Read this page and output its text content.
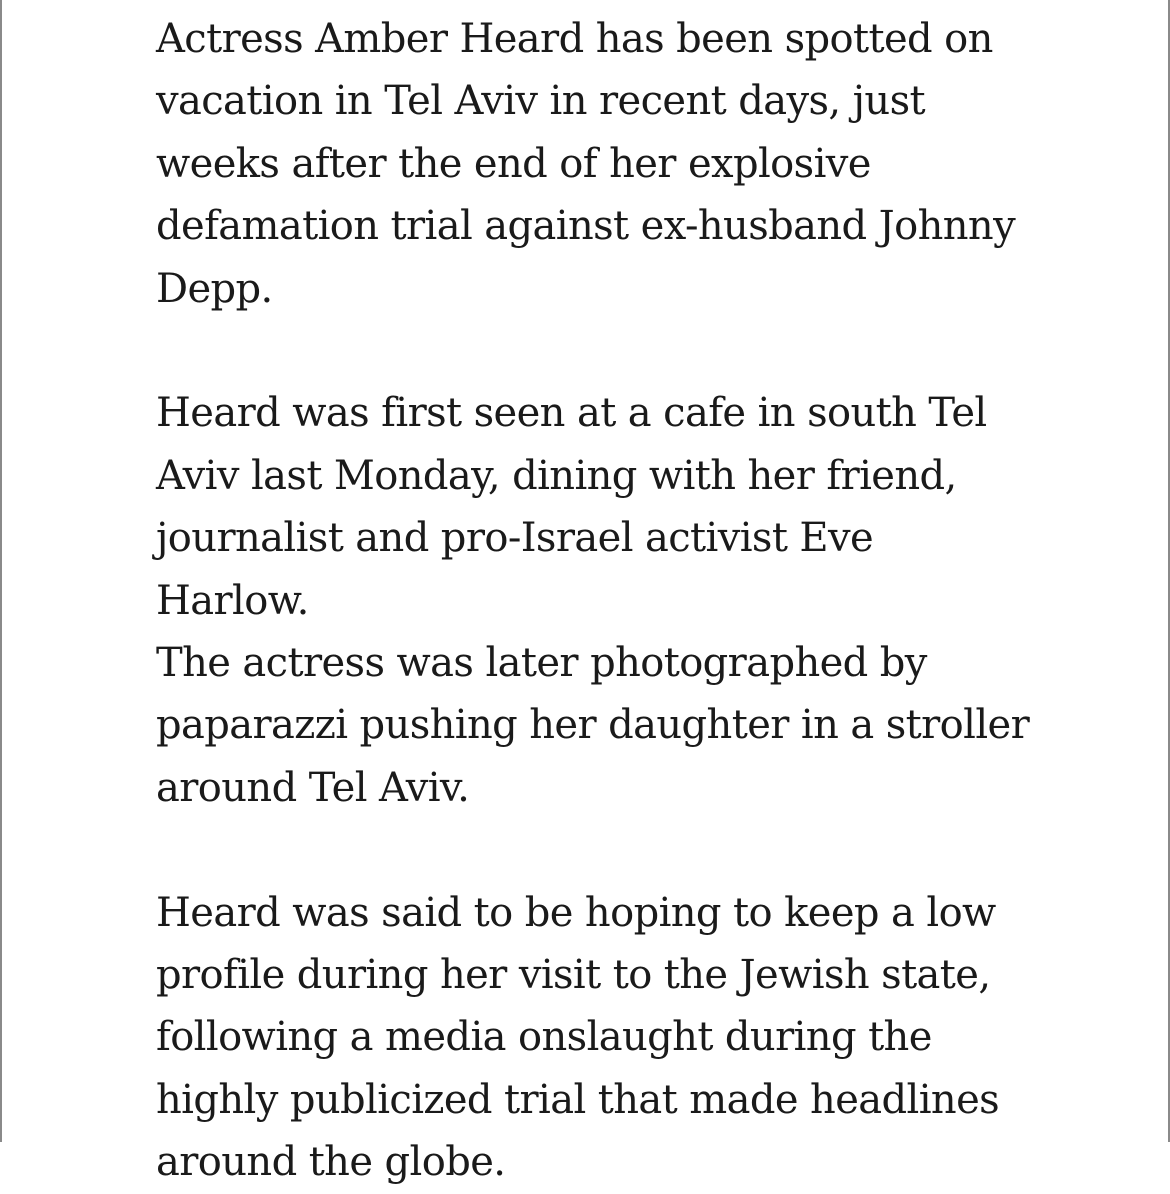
Actress Amber Heard has been spotted on
vacation in Tel Aviv in recent days, just
weeks after the end of her explosive
defamation trial against ex-husband Johnny
Depp.

Heard was first seen at a cafe in south Tel
Aviv last Monday, dining with her friend,
journalist and pro-Israel activist Eve Harlow.
The actress was later photographed by
paparazzi pushing her daughter in a stroller
around Tel Aviv.

Heard was said to be hoping to keep a low
profile during her visit to the Jewish state,
following a media onslaught during the
highly publicized trial that made headlines
around the globe.
